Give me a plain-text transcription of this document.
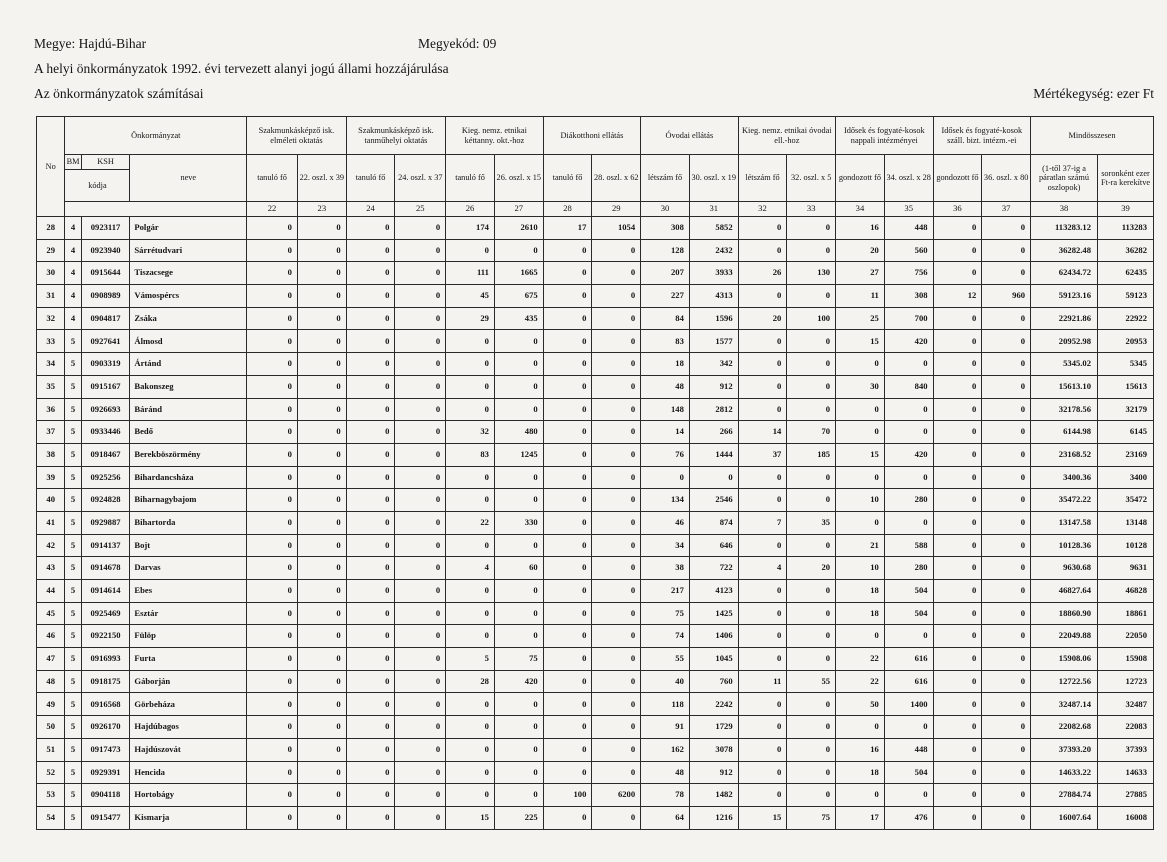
Megye: Hajdú-Bihar	Megyekód: 09
A helyi önkormányzatok 1992. évi tervezett alanyi jogú állami hozzájárulása
Az önkormányzatok számításai	Mértékegység: ezer Ft
No	Önkormányzat			Szakmunkásképző isk. elméleti oktatás		Szakmunkásképző isk. tanműhelyi oktatás		Kieg. nemz. etnikai kéttanny. okt.-hoz		Diákotthoni ellátás		Óvodai ellátás		Kieg. nemz. etnikai óvodai ell.-hoz		Idősek és fogyaté-kosok nappali intézményei		Idősek és fogyaté-kosok száll. bizt. intézm.-ei		Mindösszesen	
	BM	KSH	neve	tanuló fő	22. oszl. x 39	tanuló fő	24. oszl. x 37	tanuló fő	26. oszl. x 15	tanuló fő	28. oszl. x 62	létszám fő	30. oszl. x 19	létszám fő	32. oszl. x 5	gondozott fő	34. oszl. x 28	gondozott fő	36. oszl. x 80	(1-től 37-ig a páratlan számú oszlopok)	soronként ezer Ft-ra kerekítve
	kódja																				
				22	23	24	25	26	27	28	29	30	31	32	33	34	35	36	37	38	39
28	4	0923117	Polgár	0	0	0	0	174	2610	17	1054	308	5852	0	0	16	448	0	0	113283.12	113283
29	4	0923940	Sárrétudvari	0	0	0	0	0	0	0	0	128	2432	0	0	20	560	0	0	36282.48	36282
30	4	0915644	Tiszacsege	0	0	0	0	111	1665	0	0	207	3933	26	130	27	756	0	0	62434.72	62435
31	4	0908989	Vámospércs	0	0	0	0	45	675	0	0	227	4313	0	0	11	308	12	960	59123.16	59123
32	4	0904817	Zsáka	0	0	0	0	29	435	0	0	84	1596	20	100	25	700	0	0	22921.86	22922
33	5	0927641	Álmosd	0	0	0	0	0	0	0	0	83	1577	0	0	15	420	0	0	20952.98	20953
34	5	0903319	Ártánd	0	0	0	0	0	0	0	0	18	342	0	0	0	0	0	0	5345.02	5345
35	5	0915167	Bakonszeg	0	0	0	0	0	0	0	0	48	912	0	0	30	840	0	0	15613.10	15613
36	5	0926693	Báránd	0	0	0	0	0	0	0	0	148	2812	0	0	0	0	0	0	32178.56	32179
37	5	0933446	Bedő	0	0	0	0	32	480	0	0	14	266	14	70	0	0	0	0	6144.98	6145
38	5	0918467	Berekböszörmény	0	0	0	0	83	1245	0	0	76	1444	37	185	15	420	0	0	23168.52	23169
39	5	0925256	Bihardancsháza	0	0	0	0	0	0	0	0	0	0	0	0	0	0	0	0	3400.36	3400
40	5	0924828	Biharnagybajom	0	0	0	0	0	0	0	0	134	2546	0	0	10	280	0	0	35472.22	35472
41	5	0929887	Bihartorda	0	0	0	0	22	330	0	0	46	874	7	35	0	0	0	0	13147.58	13148
42	5	0914137	Bojt	0	0	0	0	0	0	0	0	34	646	0	0	21	588	0	0	10128.36	10128
43	5	0914678	Darvas	0	0	0	0	4	60	0	0	38	722	4	20	10	280	0	0	9630.68	9631
44	5	0914614	Ebes	0	0	0	0	0	0	0	0	217	4123	0	0	18	504	0	0	46827.64	46828
45	5	0925469	Esztár	0	0	0	0	0	0	0	0	75	1425	0	0	18	504	0	0	18860.90	18861
46	5	0922150	Fülöp	0	0	0	0	0	0	0	0	74	1406	0	0	0	0	0	0	22049.88	22050
47	5	0916993	Furta	0	0	0	0	5	75	0	0	55	1045	0	0	22	616	0	0	15908.06	15908
48	5	0918175	Gáborján	0	0	0	0	28	420	0	0	40	760	11	55	22	616	0	0	12722.56	12723
49	5	0916568	Görbeháza	0	0	0	0	0	0	0	0	118	2242	0	0	50	1400	0	0	32487.14	32487
50	5	0926170	Hajdúbagos	0	0	0	0	0	0	0	0	91	1729	0	0	0	0	0	0	22082.68	22083
51	5	0917473	Hajdúszovát	0	0	0	0	0	0	0	0	162	3078	0	0	16	448	0	0	37393.20	37393
52	5	0929391	Hencida	0	0	0	0	0	0	0	0	48	912	0	0	18	504	0	0	14633.22	14633
53	5	0904118	Hortobágy	0	0	0	0	0	0	100	6200	78	1482	0	0	0	0	0	0	27884.74	27885
54	5	0915477	Kismarja	0	0	0	0	15	225	0	0	64	1216	15	75	17	476	0	0	16007.64	16008
